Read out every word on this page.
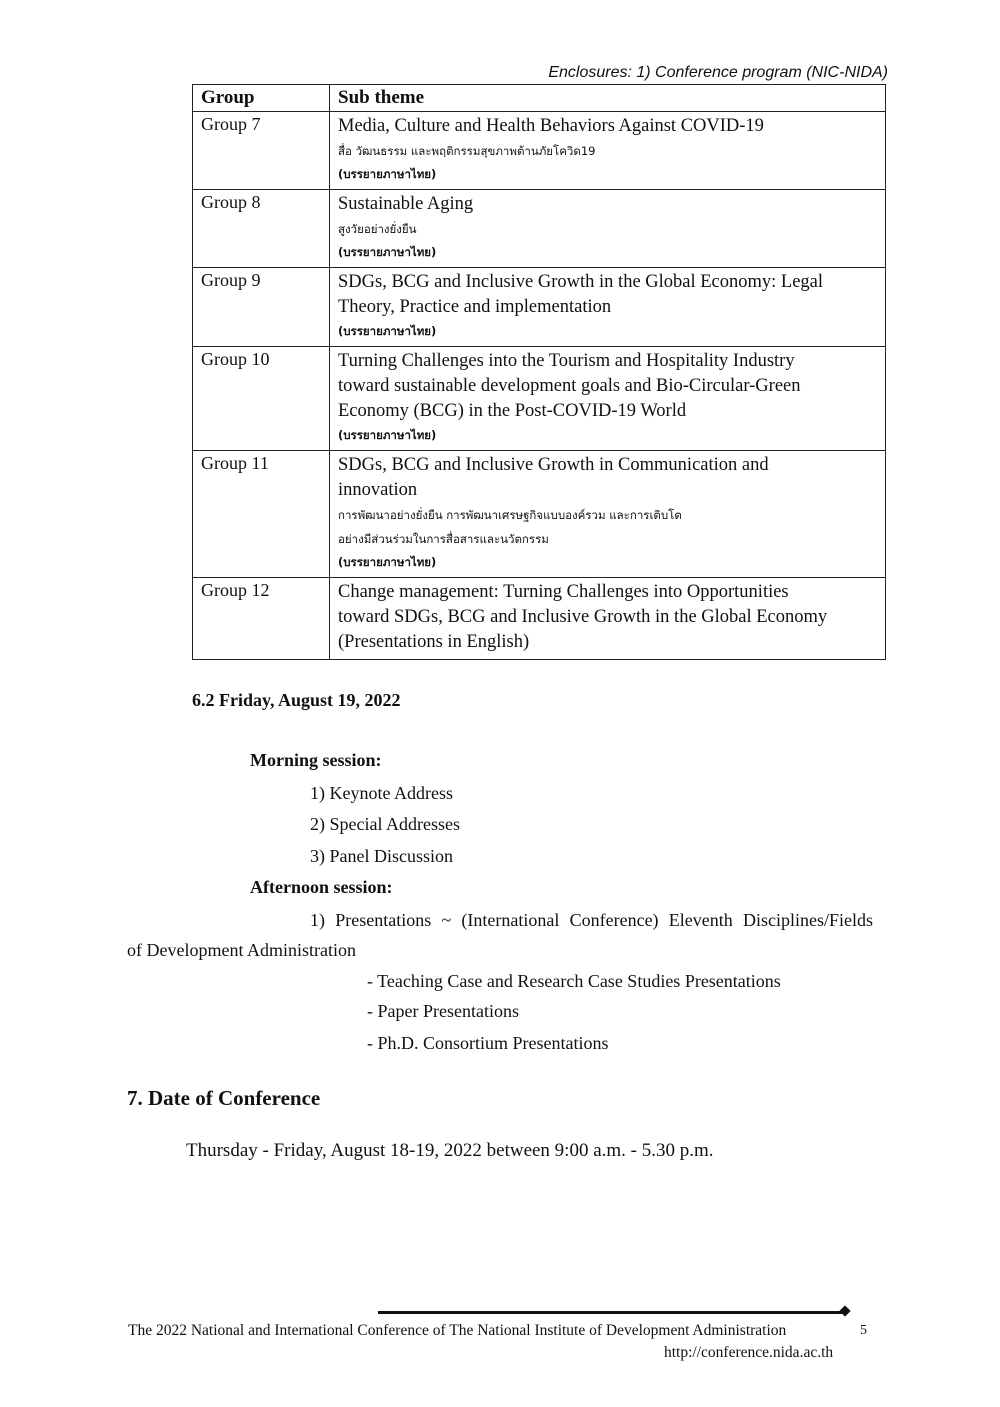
Enclosures: 1) Conference program (NIC-NIDA)
Group	Sub theme
Group 7	Media, Culture and Health Behaviors Against COVID-19
สื่อ วัฒนธรรม และพฤติกรรมสุขภาพต้านภัยโควิด19
(บรรยายภาษาไทย)

Group 8	Sustainable Aging
สูงวัยอย่างยั่งยืน
(บรรยายภาษาไทย)

Group 9	SDGs, BCG and Inclusive Growth in the Global Economy: Legal
Theory, Practice and implementation
(บรรยายภาษาไทย)

Group 10	Turning Challenges into the Tourism and Hospitality Industry
toward sustainable development goals and Bio-Circular-Green
Economy (BCG) in the Post-COVID-19 World
(บรรยายภาษาไทย)

Group 11	SDGs, BCG and Inclusive Growth in Communication and
innovation
การพัฒนาอย่างยั่งยืน การพัฒนาเศรษฐกิจแบบองค์รวม และการเติบโต
อย่างมีส่วนร่วมในการสื่อสารและนวัตกรรม
(บรรยายภาษาไทย)

Group 12	Change management: Turning Challenges into Opportunities
toward SDGs, BCG and Inclusive Growth in the Global Economy
(Presentations in English)
6.2 Friday, August 19, 2022
Morning session:
1) Keynote Address
2) Special Addresses
3) Panel Discussion
Afternoon session:
1) Presentations ~ (International Conference) Eleventh Disciplines/Fields
of Development Administration
- Teaching Case and Research Case Studies Presentations
- Paper Presentations
- Ph.D. Consortium Presentations
7. Date of Conference
Thursday - Friday, August 18-19, 2022 between 9:00 a.m. - 5.30 p.m.
The 2022 National and International Conference of The National Institute of Development Administration
http://conference.nida.ac.th
5
